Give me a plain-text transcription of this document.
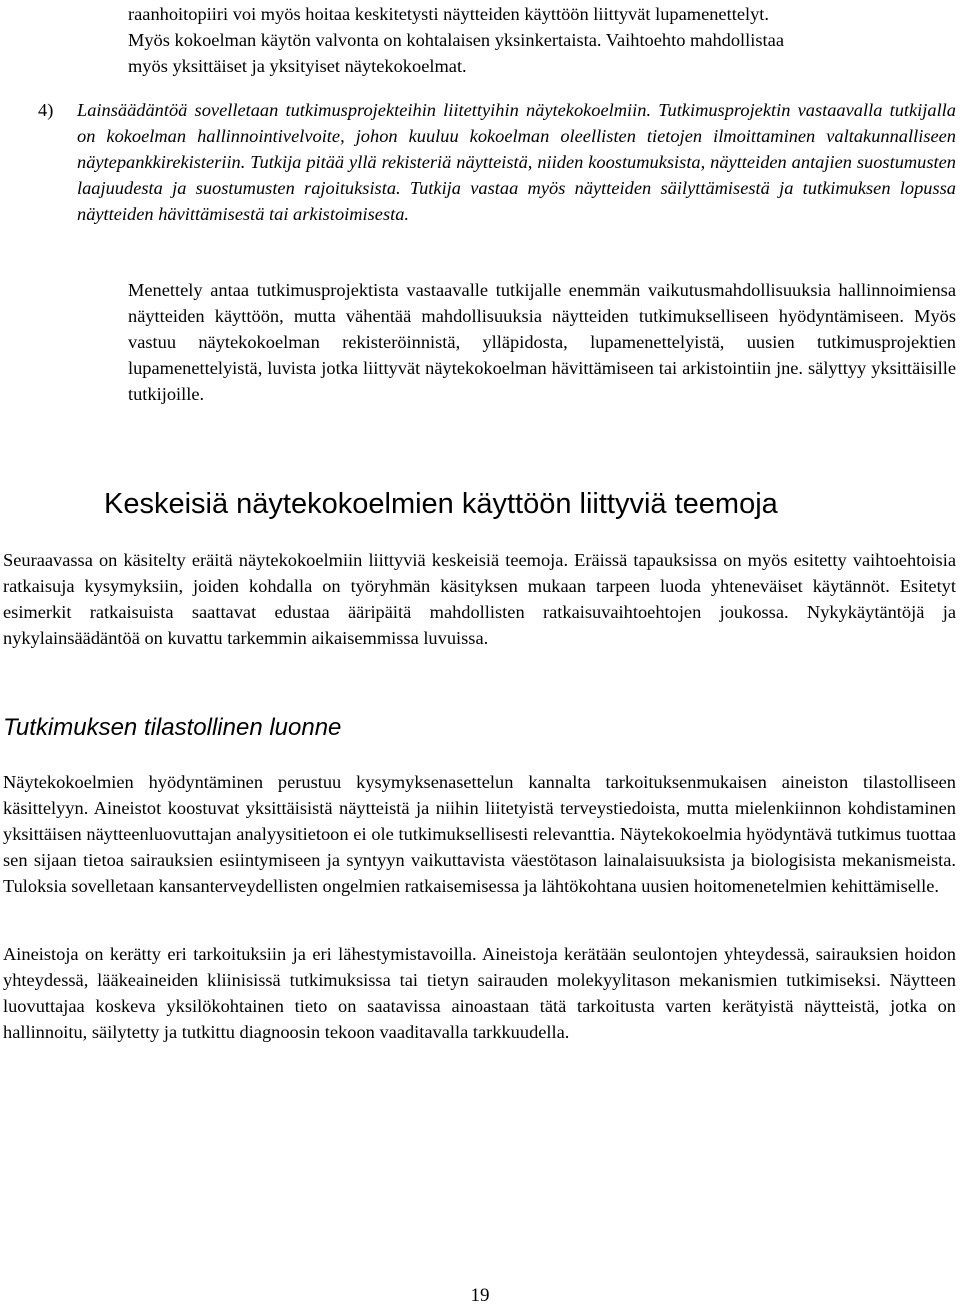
raanhoitopiiri voi myös hoitaa keskitetysti näytteiden käyttöön liittyvät lupamenettelyt.
Myös kokoelman käytön valvonta on kohtalaisen yksinkertaista. Vaihtoehto mahdollistaa
myös yksittäiset ja yksityiset näytekokoelmat.
4) Lainsäädäntöä sovelletaan tutkimusprojekteihin liitettyihin näytekokoelmiin. Tutkimusprojektin vastaavalla tutkijalla on kokoelman hallinnointivelvoite, johon kuuluu kokoelman oleellisten tietojen ilmoittaminen valtakunnalliseen näytepankkirekisteriin. Tutkija pitää yllä rekisteriä näytteistä, niiden koostumuksista, näytteiden antajien suostumusten laajuudesta ja suostumusten rajoituksista. Tutkija vastaa myös näytteiden säilyttämisestä ja tutkimuksen lopussa näytteiden hävittämisestä tai arkistoimisesta.

Menettely antaa tutkimusprojektista vastaavalle tutkijalle enemmän vaikutusmahdollisuuksia hallinnoimiensa näytteiden käyttöön, mutta vähentää mahdollisuuksia näytteiden tutkimukselliseen hyödyntämiseen. Myös vastuu näytekokoelman rekisteröinnistä, ylläpidosta, lupamenettelyistä, uusien tutkimusprojektien lupamenettelyistä, luvista jotka liittyvät näytekokoelman hävittämiseen tai arkistointiin jne. sälyttyy yksittäisille tutkijoille.

Keskeisiä näytekokoelmien käyttöön liittyviä teemoja

Seuraavassa on käsitelty eräitä näytekokoelmiin liittyviä keskeisiä teemoja. Eräissä tapauksissa on myös esitetty vaihtoehtoisia ratkaisuja kysymyksiin, joiden kohdalla on työryhmän käsityksen mukaan tarpeen luoda yhteneväiset käytännöt. Esitetyt esimerkit ratkaisuista saattavat edustaa ääripäitä mahdollisten ratkaisuvaihtoehtojen joukossa. Nykykäytäntöjä ja nykylainsäädäntöä on kuvattu tarkemmin aikaisemmissa luvuissa.

Tutkimuksen tilastollinen luonne

Näytekokoelmien hyödyntäminen perustuu kysymyksenasettelun kannalta tarkoituksenmukaisen aineiston tilastolliseen käsittelyyn. Aineistot koostuvat yksittäisistä näytteistä ja niihin liitetyistä terveystiedoista, mutta mielenkiinnon kohdistaminen yksittäisen näytteenluovuttajan analyysitietoon ei ole tutkimuksellisesti relevanttia. Näytekokoelmia hyödyntävä tutkimus tuottaa sen sijaan tietoa sairauksien esiintymiseen ja syntyyn vaikuttavista väestötason lainalaisuuksista ja biologisista mekanismeista. Tuloksia sovelletaan kansanterveydellisten ongelmien ratkaisemisessa ja lähtökohtana uusien hoitomenetelmien kehittämiselle.

Aineistoja on kerätty eri tarkoituksiin ja eri lähestymistavoilla. Aineistoja kerätään seulontojen yhteydessä, sairauksien hoidon yhteydessä, lääkeaineiden kliinisissä tutkimuksissa tai tietyn sairauden molekyylitason mekanismien tutkimiseksi. Näytteen luovuttajaa koskeva yksilökohtainen tieto on saatavissa ainoastaan tätä tarkoitusta varten kerätyistä näytteistä, jotka on hallinnoitu, säilytetty ja tutkittu diagnoosin tekoon vaaditavalla tarkkuudella.

19
